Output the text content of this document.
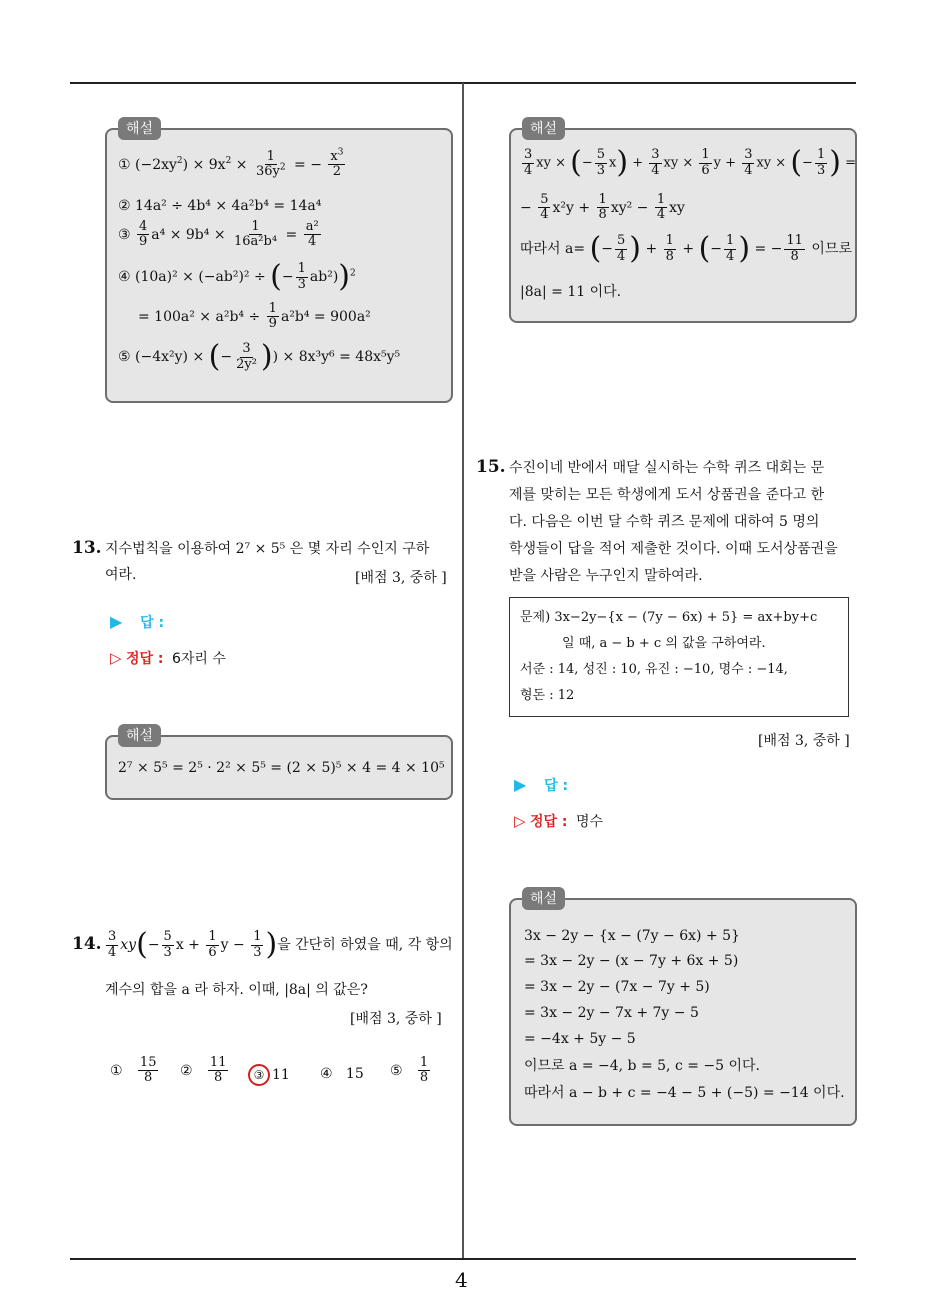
4
해설
① $(-2xy^2) \times 9x^2 \times \frac{1}{36y^2}$ = − $\frac{x^3}{2}$
② 14a² ÷ 4b⁴ × 4a²b⁴ = 14a⁴
③ $\frac{4}{9} a^4 \times 9b^4 \times \frac{1}{\text{16a²b⁴}} = \frac{\text{a²}}{4}$
④ (10a)² × (−ab²)² ÷ (− $\frac{1}{3} ab^2))^2$
= $100a^2 \times a^2b^4 \div \frac{1}{9} a^2b^4 = 900a^2$
⑤ (−4x²y) × (− $\frac{3}{\text{2y²}}$ )) × 8x³y⁶ = 48x⁵y⁵
13. 지수법칙을 이용하여 2⁷ × 5⁵ 은 몇 자리 수인지 구하
여라.	[배점 3, 중하 ]
▶ 답 :
▷ 정답 : 6자리 수
해설
2⁷ × 5⁵ = 2⁵ · 2² × 5⁵ = (2 × 5)⁵ × 4 = 4 × 10⁵
14. $\frac{3}{4} xy(- \frac{5}{3}$ $x + \frac{1}{6}$ $y - \frac{1}{3}$ )을 간단히 하였을 때, 각 항의
계수의 합을 a 라 하자. 이때, |8a| 의 값은?
[배점 3, 중하 ]
①
$\frac{15}{8}$ ②
$\frac{11}{8}$	③ 11 ④
15 ⑤
$\frac{1}{8}$
해설
$\frac{3}{4}$ xy × (− $\frac{5}{3} x) + \frac{3}{4}$ xy × $\frac{1}{6}$ $y + \frac{3}{4}$ xy × (− $\frac{1}{3}$ ) =
− $\frac{5}{4} x^2y + \frac{1}{8} xy^2 - \frac{1}{4}$ xy
따라서 a= (− $\frac{5}{4}$ ) + $\frac{1}{8}$ + (− $\frac{1}{4}$ ) = − $\frac{11}{8}$ 이므로
|8a| = 11 이다.
15. 수진이네 반에서 매달 실시하는 수학 퀴즈 대회는 문
제를 맞히는 모든 학생에게 도서 상품권을 준다고 한
다. 다음은 이번 달 수학 퀴즈 문제에 대하여 5 명의
학생들이 답을 적어 제출한 것이다. 이때 도서상품권을
받을 사람은 누구인지 말하여라.
문제) 3x−2y−{x − (7y − 6x) + 5} = ax+by+c
일 때, a − b + c 의 값을 구하여라.
서준 : 14, 성진 : 10, 유진 : −10, 명수 : −14,
형돈 : 12
[배점 3, 중하 ]
▶ 답 :
▷ 정답 : 명수
해설
3x − 2y − {x − (7y − 6x) + 5}
= 3x − 2y − (x − 7y + 6x + 5)
= 3x − 2y − (7x − 7y + 5)
= 3x − 2y − 7x + 7y − 5
= −4x + 5y − 5
이므로 a = −4, b = 5, c = −5 이다.
따라서 a − b + c = −4 − 5 + (−5) = −14 이다.
